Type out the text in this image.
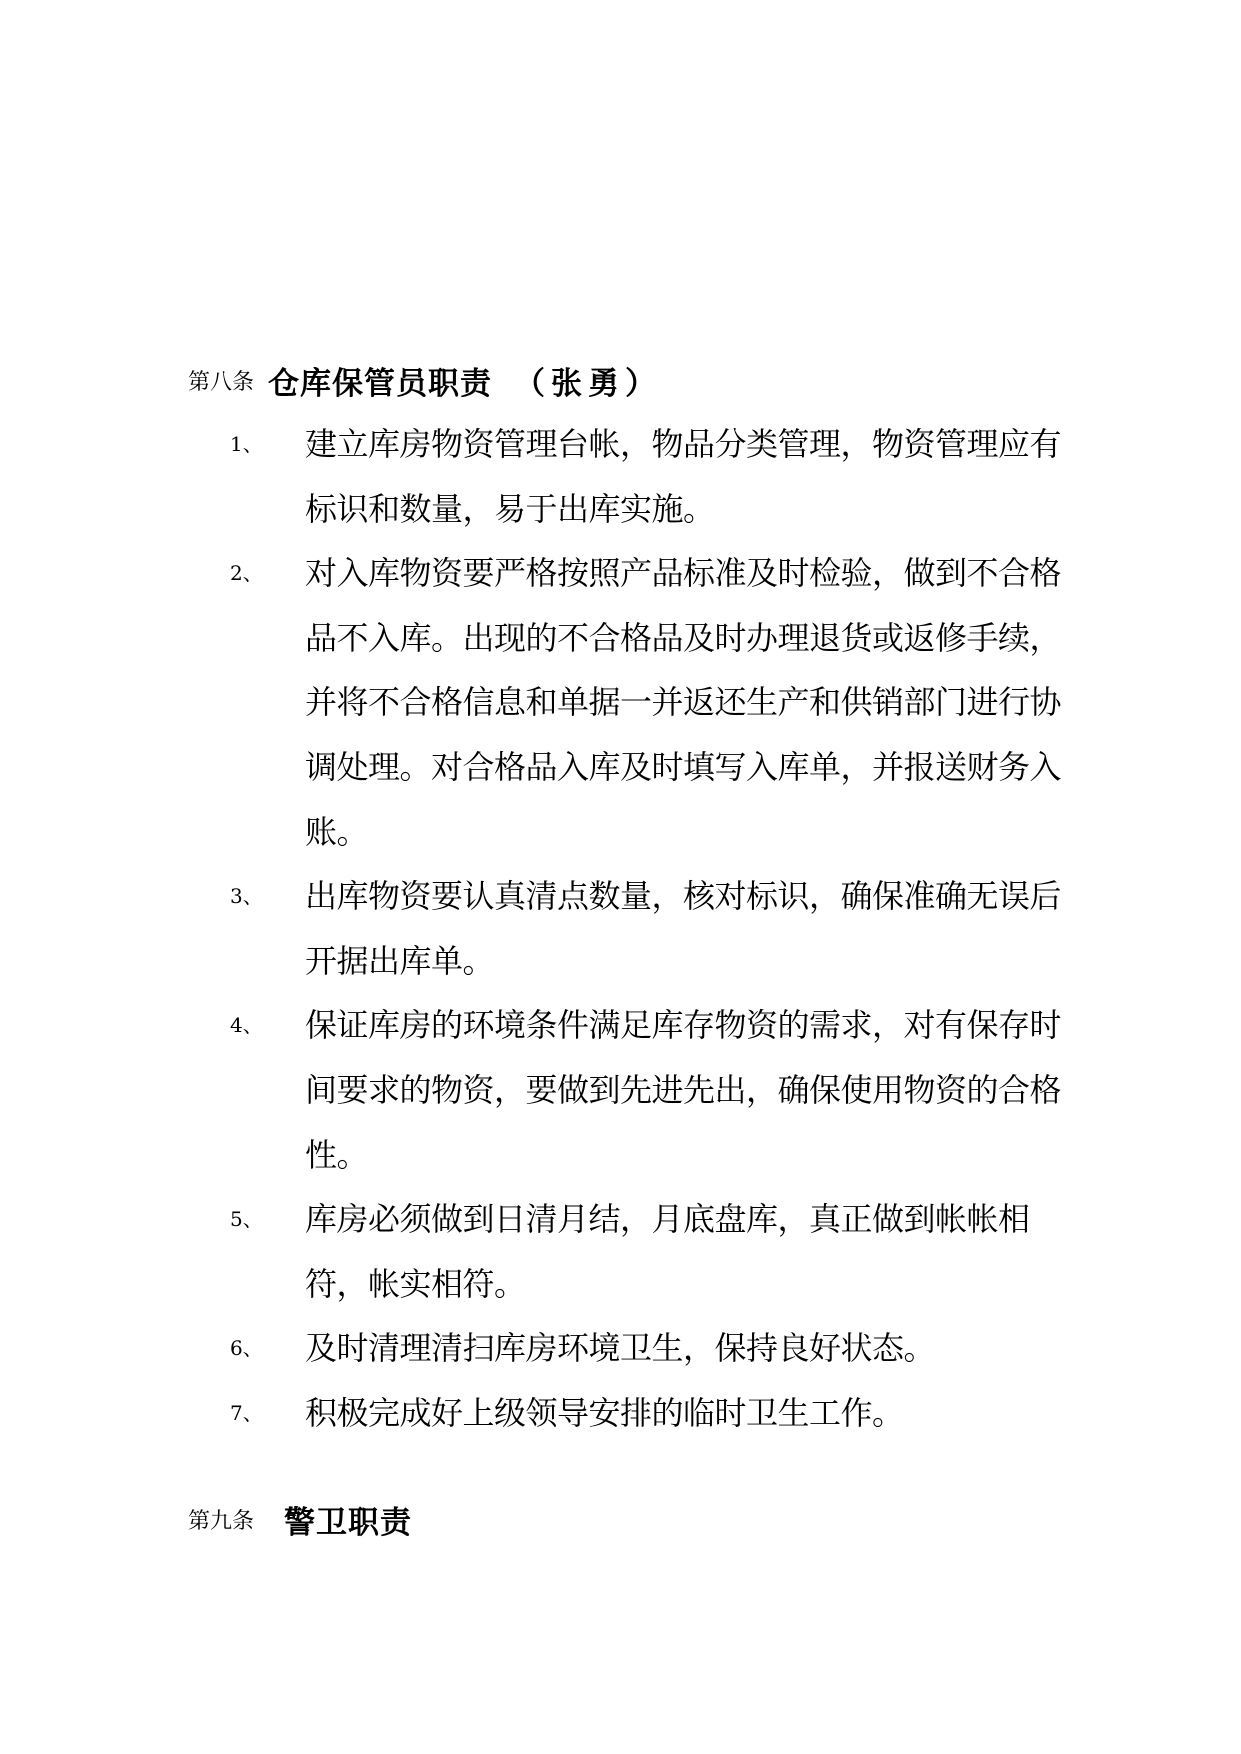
第八条 仓库保管员职责 （张勇）
1、 建立库房物资管理台帐，物品分类管理，物资管理应有标识和数量，易于出库实施。
2、 对入库物资要严格按照产品标准及时检验，做到不合格品不入库。出现的不合格品及时办理退货或返修手续，并将不合格信息和单据一并返还生产和供销部门进行协调处理。对合格品入库及时填写入库单，并报送财务入账。
3、 出库物资要认真清点数量，核对标识，确保准确无误后开据出库单。
4、 保证库房的环境条件满足库存物资的需求，对有保存时间要求的物资，要做到先进先出，确保使用物资的合格性。
5、 库房必须做到日清月结，月底盘库，真正做到帐帐相符，帐实相符。
6、 及时清理清扫库房环境卫生，保持良好状态。
7、 积极完成好上级领导安排的临时卫生工作。
第九条 警卫职责
